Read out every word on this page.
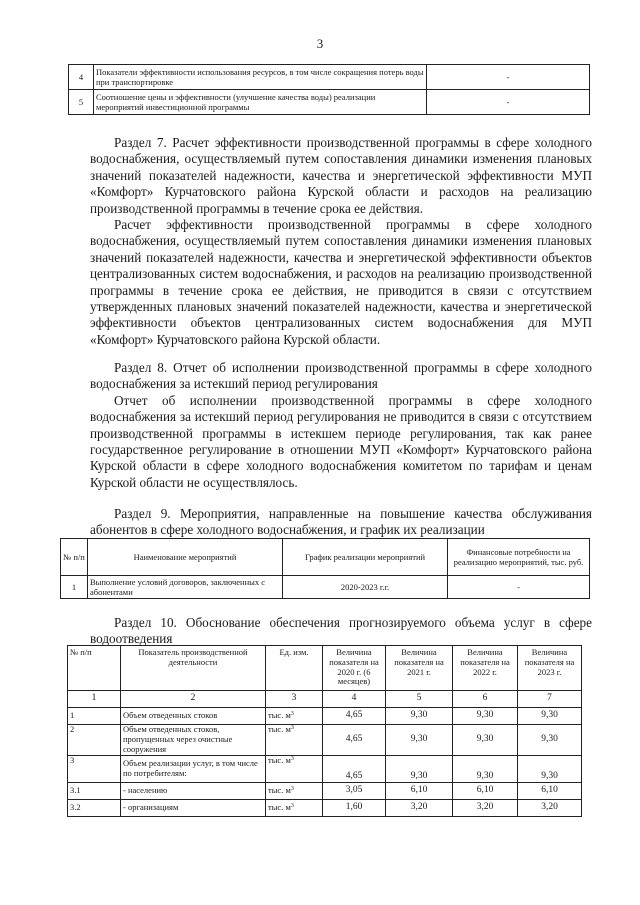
3
4	Показатели эффективности использования ресурсов, в том числе сокращения потерь воды при транспортировке	-
5	Соотношение цены и эффективности (улучшение качества воды) реализации мероприятий инвестиционной программы	-
Раздел 7. Расчет эффективности производственной программы в сфере холодного водоснабжения, осуществляемый путем сопоставления динамики изменения плановых значений показателей надежности, качества и энергетической эффективности МУП «Комфорт» Курчатовского района Курской области и расходов на реализацию производственной программы в течение срока ее действия.
Расчет эффективности производственной программы в сфере холодного водоснабжения, осуществляемый путем сопоставления динамики изменения плановых значений показателей надежности, качества и энергетической эффективности объектов централизованных систем водоснабжения, и расходов на реализацию производственной программы в течение срока ее действия, не приводится в связи с отсутствием утвержденных плановых значений показателей надежности, качества и энергетической эффективности объектов централизованных систем водоснабжения для МУП «Комфорт» Курчатовского района Курской области.
Раздел 8. Отчет об исполнении производственной программы в сфере холодного водоснабжения за истекший период регулирования
Отчет об исполнении производственной программы в сфере холодного водоснабжения за истекший период регулирования не приводится в связи с отсутствием производственной программы в истекшем периоде регулирования, так как ранее государственное регулирование в отношении МУП «Комфорт» Курчатовского района Курской области в сфере холодного водоснабжения комитетом по тарифам и ценам Курской области не осуществлялось.
Раздел 9. Мероприятия, направленные на повышение качества обслуживания абонентов в сфере холодного водоснабжения, и график их реализации
№ п/п	Наименование мероприятий	График реализации мероприятий	Финансовые потребности на реализацию мероприятий, тыс. руб.
1	Выполнение условий договоров, заключенных с абонентами	2020-2023 г.г.	-
Раздел 10. Обоснование обеспечения прогнозируемого объема услуг в сфере водоотведения
№ п/п	Показатель производственной деятельности	Ед. изм.	Величина показателя на 2020 г. (6 месяцев)	Величина показателя на 2021 г.	Величина показателя на 2022 г.	Величина показателя на 2023 г.
1	2	3	4	5	6	7
1	Объем отведенных стоков	тыс. $м^3$	4,65	9,30	9,30	9,30
2	Объем отведенных стоков, пропущенных через очистные сооружения	тыс. $м^3$	4,65	9,30	9,30	9,30
3	Объем реализации услуг, в том числе по потребителям:	тыс. $м^3$	4,65	9,30	9,30	9,30
3.1	- населению	тыс. $м^3$	3,05	6,10	6,10	6,10
3.2	- организациям	тыс. $м^3$	1,60	3,20	3,20	3,20
